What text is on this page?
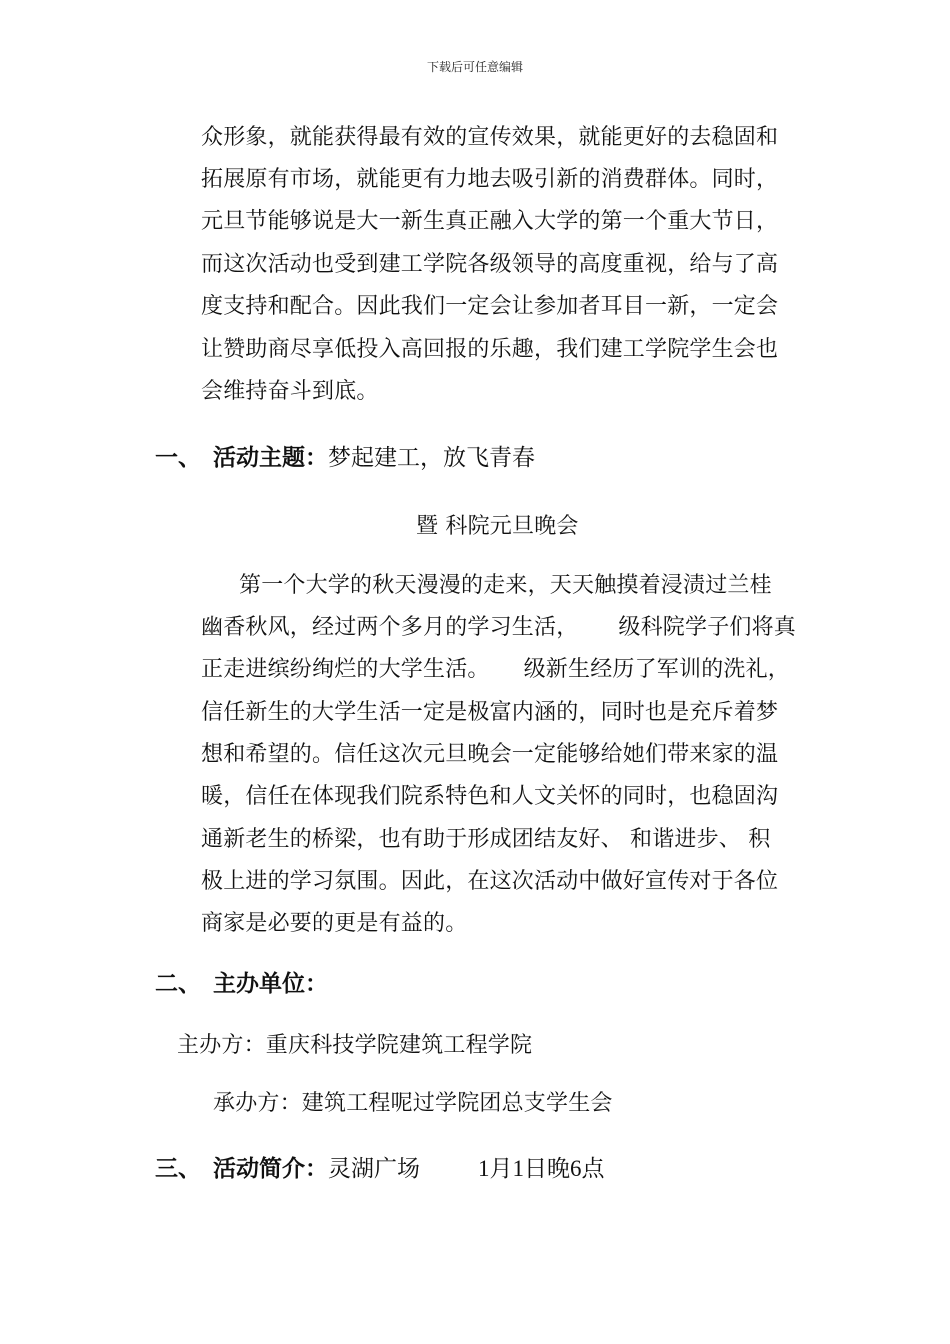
下载后可任意编辑
众形象，就能获得最有效的宣传效果，就能更好的去稳固和
拓展原有市场，就能更有力地去吸引新的消费群体。同时，
元旦节能够说是大一新生真正融入大学的第一个重大节日，
而这次活动也受到建工学院各级领导的高度重视，给与了高
度支持和配合。因此我们一定会让参加者耳目一新，一定会
让赞助商尽享低投入高回报的乐趣，我们建工学院学生会也
会维持奋斗到底。
一、 活动主题：梦起建工，放飞青春
暨 科院元旦晚会
第一个大学的秋天漫漫的走来，天天触摸着浸渍过兰桂
幽香秋风，经过两个多月的学习生活， 级科院学子们将真
正走进缤纷绚烂的大学生活。 级新生经历了军训的洗礼，
信任新生的大学生活一定是极富内涵的，同时也是充斥着梦
想和希望的。信任这次元旦晚会一定能够给她们带来家的温
暖，信任在体现我们院系特色和人文关怀的同时，也稳固沟
通新老生的桥梁，也有助于形成团结友好、 和谐进步、 积
极上进的学习氛围。因此，在这次活动中做好宣传对于各位
商家是必要的更是有益的。
二、 主办单位：
主办方：重庆科技学院建筑工程学院
承办方：建筑工程呢过学院团总支学生会
三、 活动简介：灵湖广场	1月1日晚6点
